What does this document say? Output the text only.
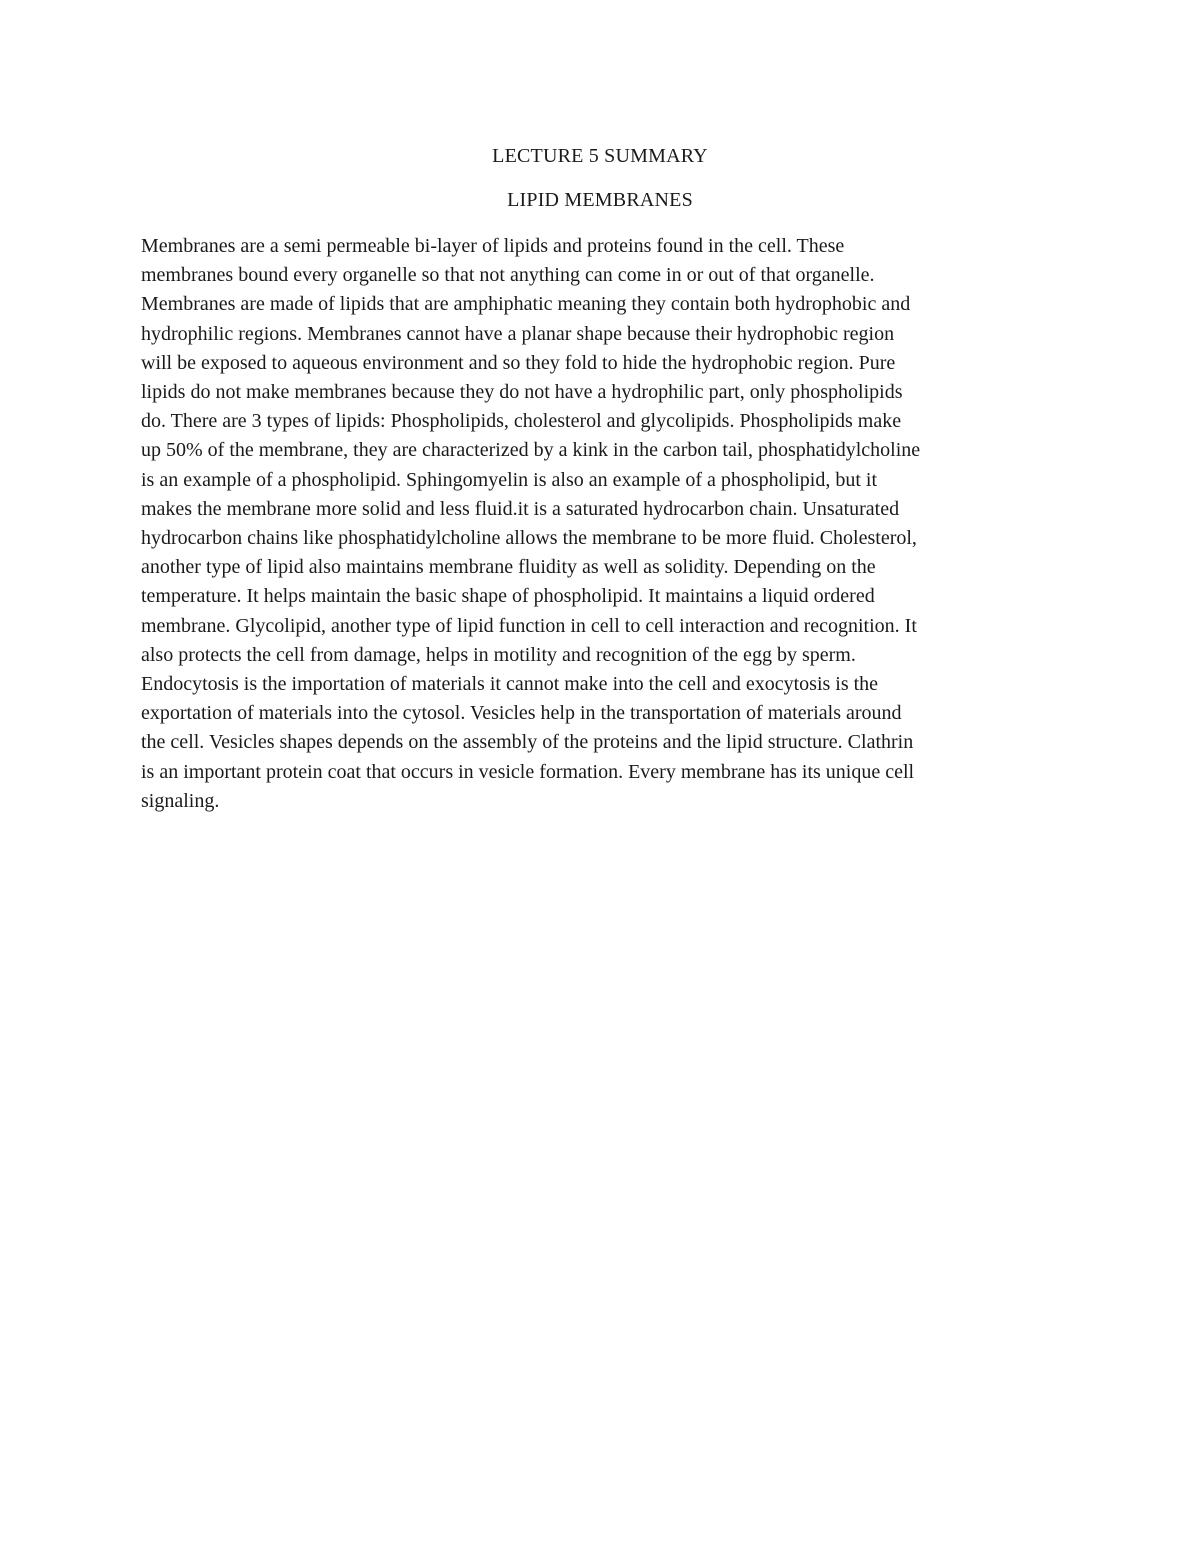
LECTURE 5 SUMMARY
LIPID MEMBRANES

Membranes are a semi permeable bi-layer of lipids and proteins found in the cell. These
membranes bound every organelle so that not anything can come in or out of that organelle.
Membranes are made of lipids that are amphiphatic meaning they contain both hydrophobic and
hydrophilic regions. Membranes cannot have a planar shape because their hydrophobic region
will be exposed to aqueous environment and so they fold to hide the hydrophobic region. Pure
lipids do not make membranes because they do not have a hydrophilic part, only phospholipids
do. There are 3 types of lipids: Phospholipids, cholesterol and glycolipids. Phospholipids make
up 50% of the membrane, they are characterized by a kink in the carbon tail, phosphatidylcholine
is an example of a phospholipid. Sphingomyelin is also an example of a phospholipid, but it
makes the membrane more solid and less fluid.it is a saturated hydrocarbon chain. Unsaturated
hydrocarbon chains like phosphatidylcholine allows the membrane to be more fluid. Cholesterol,
another type of lipid also maintains membrane fluidity as well as solidity. Depending on the
temperature. It helps maintain the basic shape of phospholipid. It maintains a liquid ordered
membrane. Glycolipid, another type of lipid function in cell to cell interaction and recognition. It
also protects the cell from damage, helps in motility and recognition of the egg by sperm.
Endocytosis is the importation of materials it cannot make into the cell and exocytosis is the
exportation of materials into the cytosol. Vesicles help in the transportation of materials around
the cell. Vesicles shapes depends on the assembly of the proteins and the lipid structure. Clathrin
is an important protein coat that occurs in vesicle formation. Every membrane has its unique cell
signaling.
